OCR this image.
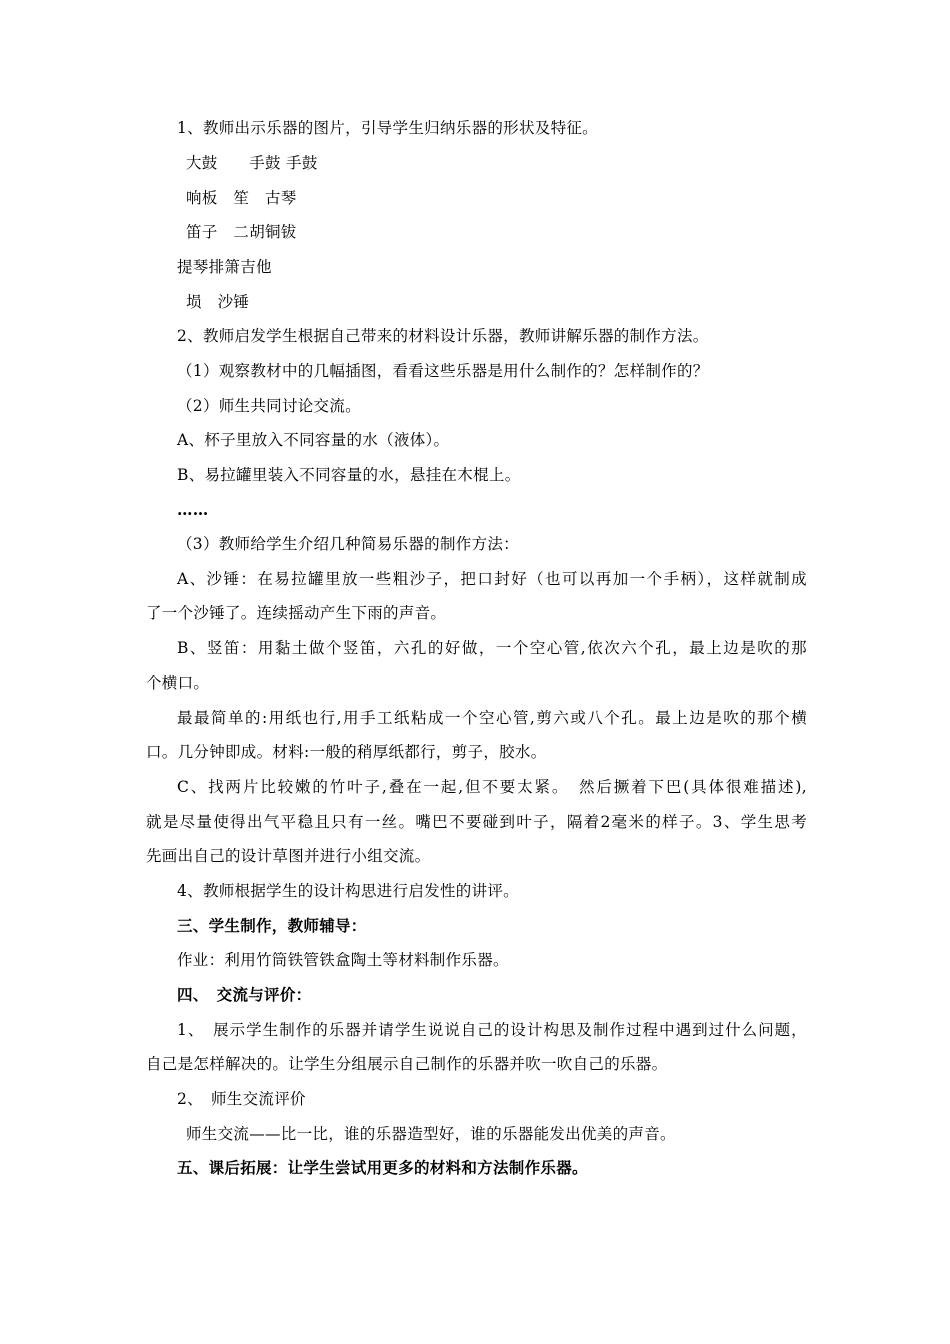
1、教师出示乐器的图片，引导学生归纳乐器的形状及特征。
大鼓　　手鼓 手鼓
响板　笙　古琴
笛子　二胡铜钹
提琴排箫吉他
埙　沙锤
2、教师启发学生根据自己带来的材料设计乐器，教师讲解乐器的制作方法。
（1）观察教材中的几幅插图，看看这些乐器是用什么制作的？怎样制作的？
（2）师生共同讨论交流。
A、杯子里放入不同容量的水（液体）。
B、易拉罐里装入不同容量的水，悬挂在木棍上。
……
（3）教师给学生介绍几种简易乐器的制作方法：
A、沙锤：在易拉罐里放一些粗沙子，把口封好（也可以再加一个手柄），这样就制成
了一个沙锤了。连续摇动产生下雨的声音。
B、竖笛：用黏土做个竖笛，六孔的好做，一个空心管,依次六个孔，最上边是吹的那
个横口。
最最简单的:用纸也行,用手工纸粘成一个空心管,剪六或八个孔。最上边是吹的那个横
口。几分钟即成。材料:一般的稍厚纸都行，剪子，胶水。
C、找两片比较嫩的竹叶子,叠在一起,但不要太紧。　然后撅着下巴(具体很难描述),
就是尽量使得出气平稳且只有一丝。嘴巴不要碰到叶子，隔着2毫米的样子。3、学生思考
先画出自己的设计草图并进行小组交流。
4、教师根据学生的设计构思进行启发性的讲评。
三、学生制作，教师辅导：
作业：利用竹筒铁管铁盒陶土等材料制作乐器。
四、　交流与评价：
1、　展示学生制作的乐器并请学生说说自己的设计构思及制作过程中遇到过什么问题，
自己是怎样解决的。让学生分组展示自己制作的乐器并吹一吹自己的乐器。
2、　师生交流评价
师生交流——比一比，谁的乐器造型好，谁的乐器能发出优美的声音。
五、课后拓展：让学生尝试用更多的材料和方法制作乐器。
